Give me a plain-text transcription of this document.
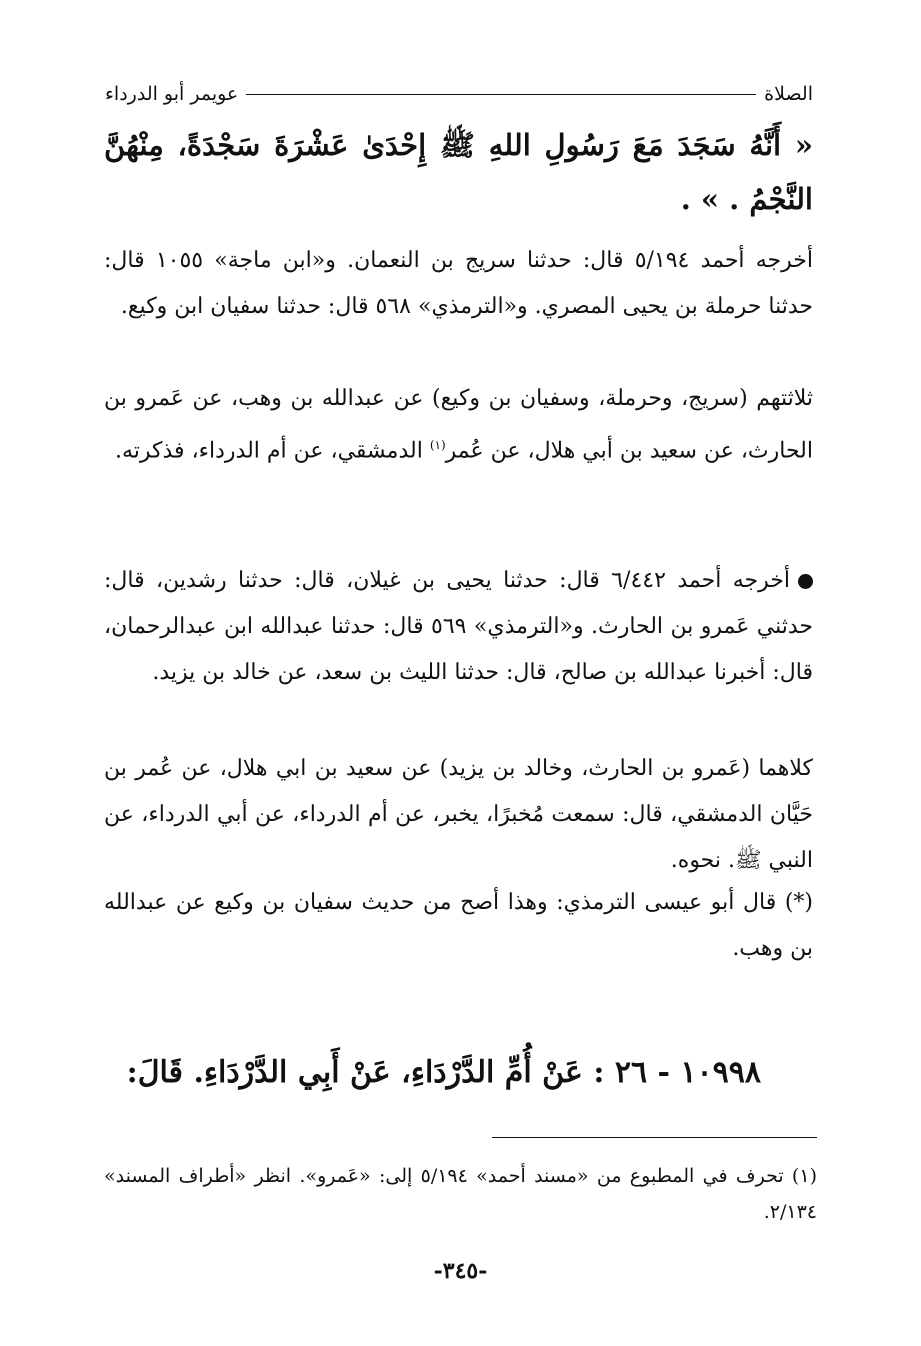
الصلاة
عويمر أبو الدرداء
« أَنَّهُ سَجَدَ مَعَ رَسُولِ اللهِ ﷺ إِحْدَىٰ عَشْرَةَ سَجْدَةً، مِنْهُنَّ النَّجْمُ . » .
أخرجه أحمد ٥/١٩٤ قال: حدثنا سريج بن النعمان. و«ابن ماجة» ١٠٥٥ قال: حدثنا حرملة بن يحيى المصري. و«الترمذي» ٥٦٨ قال: حدثنا سفيان ابن وكيع.
ثلاثتهم (سريج، وحرملة، وسفيان بن وكيع) عن عبدالله بن وهب، عن عَمرو بن الحارث، عن سعيد بن أبي هلال، عن عُمر$^{(١)}$ الدمشقي، عن أم الدرداء، فذكرته.
أخرجه أحمد ٦/٤٤٢ قال: حدثنا يحيى بن غيلان، قال: حدثنا رشدين، قال: حدثني عَمرو بن الحارث. و«الترمذي» ٥٦٩ قال: حدثنا عبدالله ابن عبدالرحمان، قال: أخبرنا عبدالله بن صالح، قال: حدثنا الليث بن سعد، عن خالد بن يزيد.
كلاهما (عَمرو بن الحارث، وخالد بن يزيد) عن سعيد بن ابي هلال، عن عُمر بن حَيَّان الدمشقي، قال: سمعت مُخبرًا، يخبر، عن أم الدرداء، عن أبي الدرداء، عن النبي ﷺ. نحوه.
(*) قال أبو عيسى الترمذي: وهذا أصح من حديث سفيان بن وكيع عن عبدالله بن وهب.
١٠٩٩٨ - ٢٦ : عَنْ أُمِّ الدَّرْدَاءِ، عَنْ أَبِي الدَّرْدَاءِ. قَالَ:
(١) تحرف في المطبوع من «مسند أحمد» ٥/١٩٤ إلى: «عَمرو». انظر «أطراف المسند» ٢/١٣٤.
-٣٤٥-
